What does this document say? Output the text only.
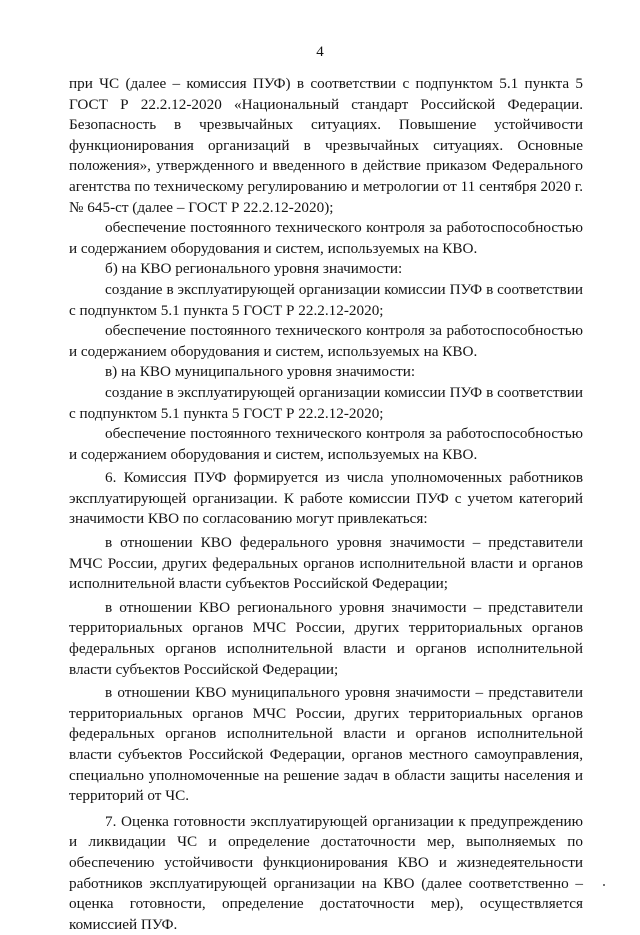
4

при ЧС (далее – комиссия ПУФ) в соответствии с подпунктом 5.1 пункта 5 ГОСТ Р 22.2.12-2020 «Национальный стандарт Российской Федерации. Безопасность в чрезвычайных ситуациях. Повышение устойчивости функционирования организаций в чрезвычайных ситуациях. Основные положения», утвержденного и введенного в действие приказом Федерального агентства по техническому регулированию и метрологии от 11 сентября 2020 г. № 645-ст (далее – ГОСТ Р 22.2.12-2020);

обеспечение постоянного технического контроля за работоспособностью и содержанием оборудования и систем, используемых на КВО.

б) на КВО регионального уровня значимости:

создание в эксплуатирующей организации комиссии ПУФ в соответствии с подпунктом 5.1 пункта 5 ГОСТ Р 22.2.12-2020;

обеспечение постоянного технического контроля за работоспособностью и содержанием оборудования и систем, используемых на КВО.

в) на КВО муниципального уровня значимости:

создание в эксплуатирующей организации комиссии ПУФ в соответствии с подпунктом 5.1 пункта 5 ГОСТ Р 22.2.12-2020;

обеспечение постоянного технического контроля за работоспособностью и содержанием оборудования и систем, используемых на КВО.

6. Комиссия ПУФ формируется из числа уполномоченных работников эксплуатирующей организации. К работе комиссии ПУФ с учетом категорий значимости КВО по согласованию могут привлекаться:

в отношении КВО федерального уровня значимости – представители МЧС России, других федеральных органов исполнительной власти и органов исполнительной власти субъектов Российской Федерации;

в отношении КВО регионального уровня значимости – представители территориальных органов МЧС России, других территориальных органов федеральных органов исполнительной власти и органов исполнительной власти субъектов Российской Федерации;

в отношении КВО муниципального уровня значимости – представители территориальных органов МЧС России, других территориальных органов федеральных органов исполнительной власти и органов исполнительной власти субъектов Российской Федерации, органов местного самоуправления, специально уполномоченные на решение задач в области защиты населения и территорий от ЧС.

7. Оценка готовности эксплуатирующей организации к предупреждению и ликвидации ЧС и определение достаточности мер, выполняемых по обеспечению устойчивости функционирования КВО и жизнедеятельности работников эксплуатирующей организации на КВО (далее соответственно – оценка готовности, определение достаточности мер), осуществляется комиссией ПУФ.
